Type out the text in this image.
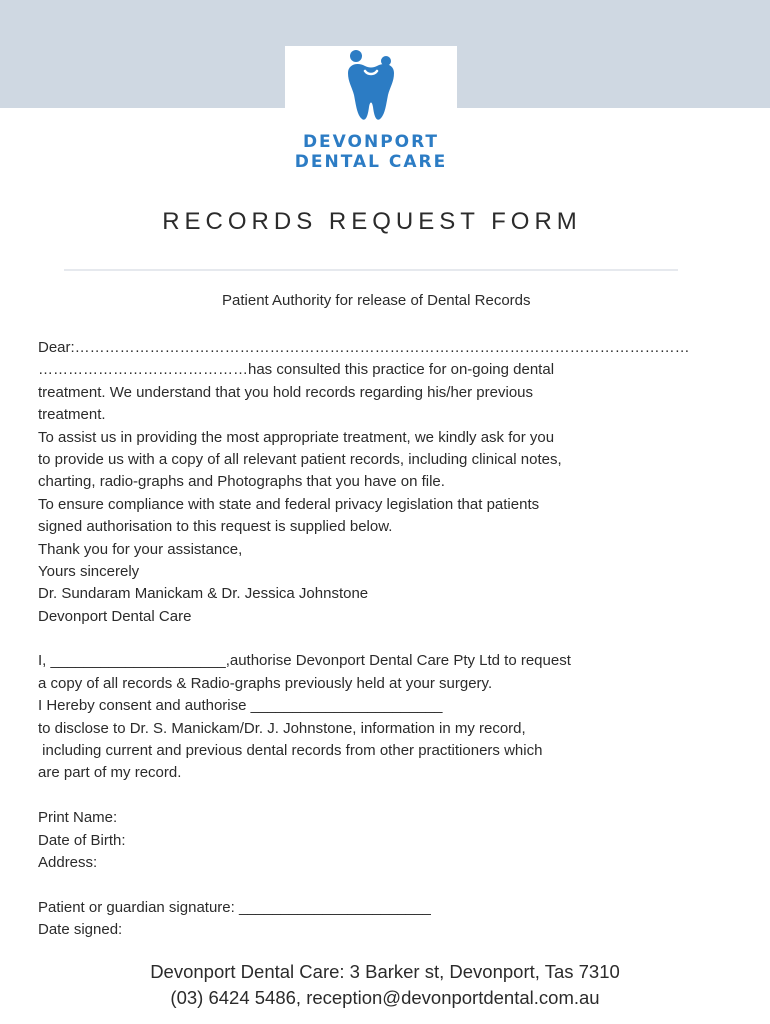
DEVONPORT
DENTAL CARE
RECORDS REQUEST FORM
Patient Authority for release of Dental Records
Dear:……………………………………………………………………………………………………………
……………………………………has consulted this practice for on-going dental
treatment. We understand that you hold records regarding his/her previous
treatment.
To assist us in providing the most appropriate treatment, we kindly ask for you
to provide us with a copy of all relevant patient records, including clinical notes,
charting, radio-graphs and Photographs that you have on file.
To ensure compliance with state and federal privacy legislation that patients
signed authorisation to this request is supplied below.
Thank you for your assistance,
Yours sincerely
Dr. Sundaram Manickam & Dr. Jessica Johnstone
Devonport Dental Care
I, _____________________,authorise Devonport Dental Care Pty Ltd to request
a copy of all records & Radio-graphs previously held at your surgery.
I Hereby consent and authorise _______________________
to disclose to Dr. S. Manickam/Dr. J. Johnstone, information in my record,
including current and previous dental records from other practitioners which
are part of my record.
Print Name:
Date of Birth:
Address:
Patient or guardian signature: _______________________
Date signed:
Devonport Dental Care: 3 Barker st, Devonport, Tas 7310
(03) 6424 5486, reception@devonportdental.com.au
